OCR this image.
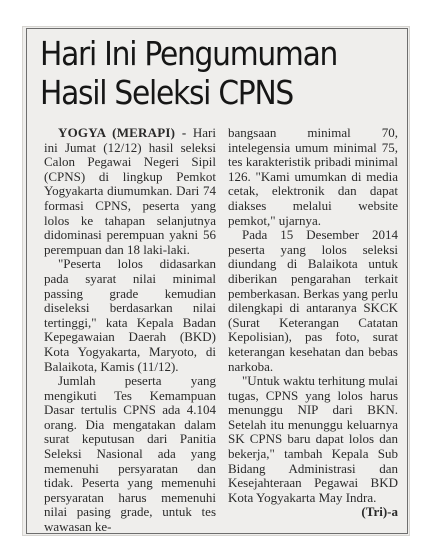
Hari Ini Pengumuman
Hasil Seleksi CPNS

YOGYA (MERAPI) - Hari ini Jumat (12/12) hasil seleksi Calon Pegawai Negeri Sipil (CPNS) di lingkup Pemkot Yogyakarta diumumkan. Dari 74 formasi CPNS, peserta yang lolos ke tahapan selanjutnya didominasi perempuan yakni 56 perempuan dan 18 laki-laki.

"Peserta lolos didasarkan pada syarat nilai minimal passing grade kemudian diseleksi berdasarkan nilai tertinggi," kata Kepala Badan Kepegawaian Daerah (BKD) Kota Yogyakarta, Maryoto, di Balaikota, Kamis (11/12).

Jumlah peserta yang mengikuti Tes Kemampuan Dasar tertulis CPNS ada 4.104 orang. Dia mengatakan dalam surat keputusan dari Panitia Seleksi Nasional ada yang memenuhi persyaratan dan tidak. Peserta yang memenuhi persyaratan harus memenuhi nilai pasing grade, untuk tes wawasan ke-

bangsaan minimal 70, intelegensia umum minimal 75, tes karakteristik pribadi minimal 126. "Kami umumkan di media cetak, elektronik dan dapat diakses melalui website pemkot," ujarnya.

Pada 15 Desember 2014 peserta yang lolos seleksi diundang di Balaikota untuk diberikan pengarahan terkait pemberkasan. Berkas yang perlu dilengkapi di antaranya SKCK (Surat Keterangan Catatan Kepolisian), pas foto, surat keterangan kesehatan dan bebas narkoba.

"Untuk waktu terhitung mulai tugas, CPNS yang lolos harus menunggu NIP dari BKN. Setelah itu menunggu keluarnya SK CPNS baru dapat lolos dan bekerja," tambah Kepala Sub Bidang Administrasi dan Kesejahteraan Pegawai BKD Kota Yogyakarta May Indra.

(Tri)-a
